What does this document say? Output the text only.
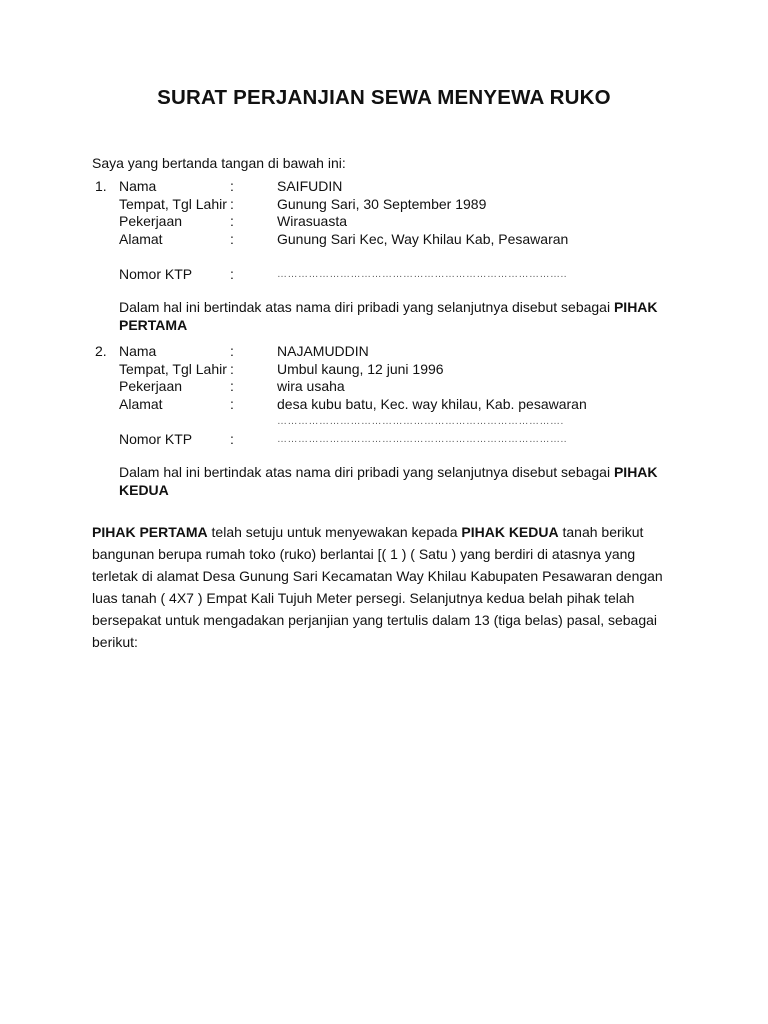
SURAT PERJANJIAN SEWA MENYEWA RUKO
Saya yang bertanda tangan di bawah ini:
1. Nama	:	SAIFUDIN
Tempat, Tgl Lahir :	Gunung Sari, 30 September 1989
Pekerjaan	:	Wirasuasta
Alamat	:	Gunung Sari Kec, Way Khilau Kab, Pesawaran
Nomor KTP	:	………………………………………………………………………..
Dalam hal ini bertindak atas nama diri pribadi yang selanjutnya disebut sebagai PIHAK PERTAMA
2. Nama	:	NAJAMUDDIN
Tempat, Tgl Lahir :	Umbul kaung, 12 juni 1996
Pekerjaan	:	wira usaha
Alamat	:	desa kubu batu, Kec. way khilau, Kab. pesawaran
……………………………………………………………………….
Nomor KTP	:	………………………………………………………………………..
Dalam hal ini bertindak atas nama diri pribadi yang selanjutnya disebut sebagai PIHAK KEDUA
PIHAK PERTAMA telah setuju untuk menyewakan kepada PIHAK KEDUA tanah berikut bangunan berupa rumah toko (ruko) berlantai [( 1 ) ( Satu ) yang berdiri di atasnya yang terletak di alamat Desa Gunung Sari Kecamatan Way Khilau Kabupaten Pesawaran dengan luas tanah ( 4X7 ) Empat Kali Tujuh Meter persegi. Selanjutnya kedua belah pihak telah bersepakat untuk mengadakan perjanjian yang tertulis dalam 13 (tiga belas) pasal, sebagai berikut:
